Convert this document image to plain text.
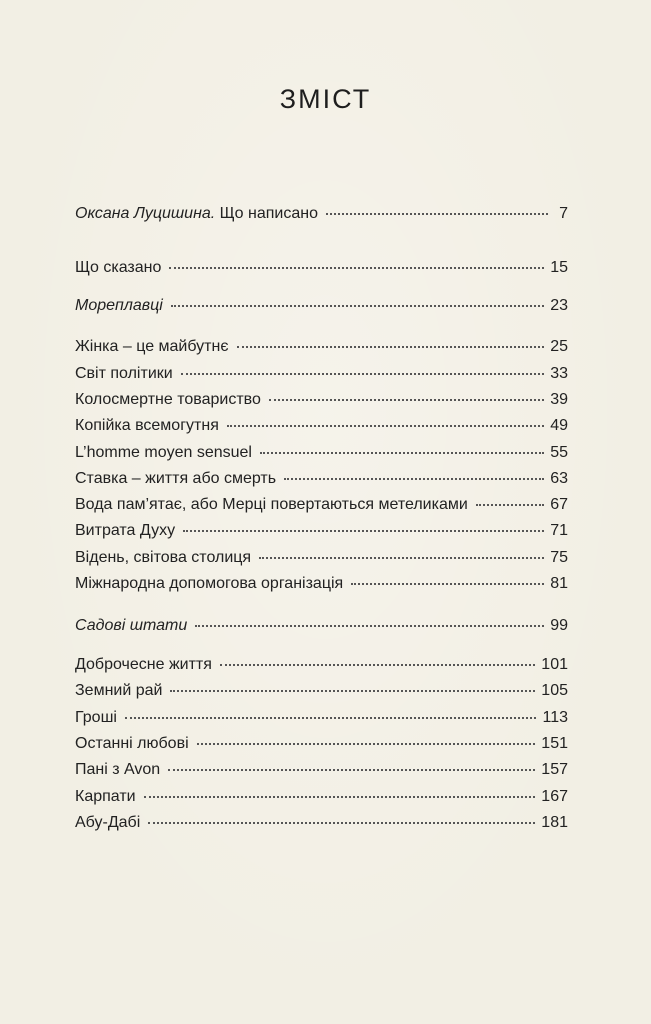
ЗМІСТ
Оксана Луцишина. Що написано	7
Що сказано	15
Мореплавці	23
Жінка – це майбутнє	25
Світ політики	33
Колосмертне товариство	39
Копійка всемогутня	49
L’homme moyen sensuel	55
Ставка – життя або смерть	63
Вода пам’ятає, або Мерці повертаються метеликами	67
Витрата Духу	71
Відень, світова столиця	75
Міжнародна допомогова організація	81
Садові штати	99
Доброчесне життя	101
Земний рай	105
Гроші	113
Останні любові	151
Пані з Avon	157
Карпати	167
Абу-Дабі	181
